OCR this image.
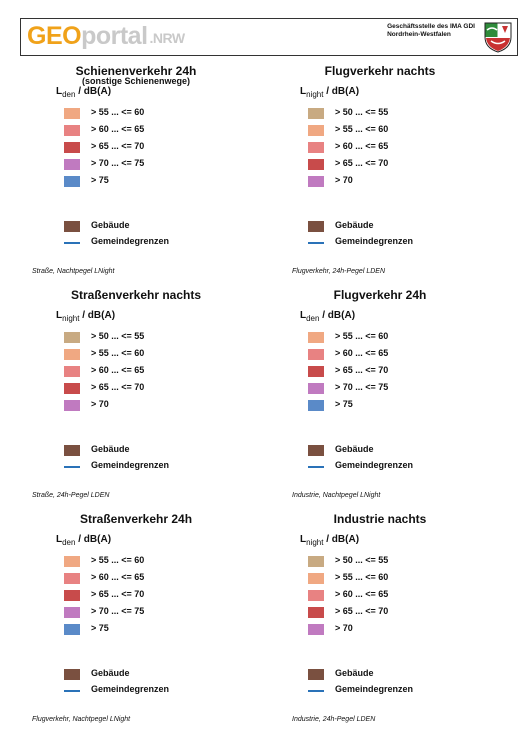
GEOportal .NRW
Geschäftsstelle des IMA GDI
Nordrhein-Westfalen
Schienenverkehr 24h
(sonstige Schienenwege)
$L_{den} / dB(A)$
> 55 ... <= 60
> 60 ... <= 65
> 65 ... <= 70
> 70 ... <= 75
> 75
Gebäude
Gemeindegrenzen
Flugverkehr nachts
$L_{night} / dB(A)$
> 50 ... <= 55
> 55 ... <= 60
> 60 ... <= 65
> 65 ... <= 70
> 70
Gebäude
Gemeindegrenzen
Straße, Nachtpegel LNight	Flugverkehr, 24h-Pegel LDEN
Straßenverkehr nachts
$L_{night} / dB(A)$
> 50 ... <= 55
> 55 ... <= 60
> 60 ... <= 65
> 65 ... <= 70
> 70
Gebäude
Gemeindegrenzen
Flugverkehr 24h
$L_{den} / dB(A)$
> 55 ... <= 60
> 60 ... <= 65
> 65 ... <= 70
> 70 ... <= 75
> 75
Gebäude
Gemeindegrenzen
Straße, 24h-Pegel LDEN	Industrie, Nachtpegel LNight
Straßenverkehr 24h
$L_{den} / dB(A)$
> 55 ... <= 60
> 60 ... <= 65
> 65 ... <= 70
> 70 ... <= 75
> 75
Gebäude
Gemeindegrenzen
Industrie nachts
$L_{night} / dB(A)$
> 50 ... <= 55
> 55 ... <= 60
> 60 ... <= 65
> 65 ... <= 70
> 70
Gebäude
Gemeindegrenzen
Flugverkehr, Nachtpegel LNight	Industrie, 24h-Pegel LDEN
